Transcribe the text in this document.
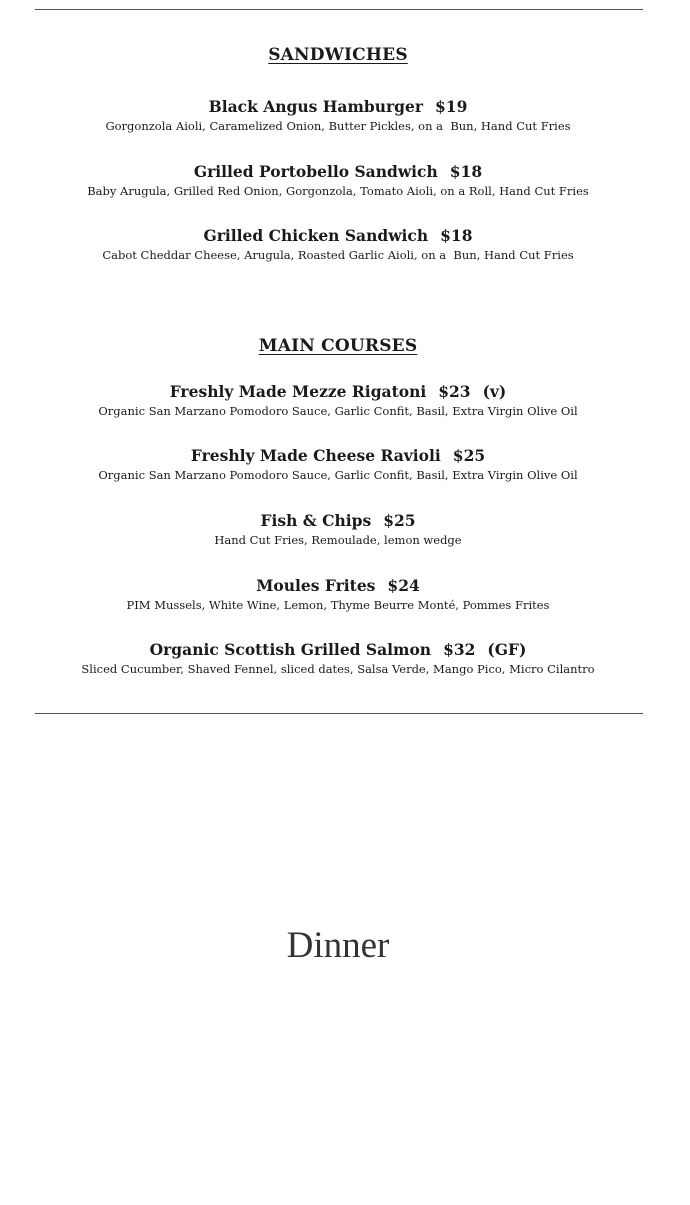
SANDWICHES
Black Angus Hamburger $19
Gorgonzola Aioli, Caramelized Onion, Butter Pickles, on a  Bun, Hand Cut Fries
Grilled Portobello Sandwich $18
Baby Arugula, Grilled Red Onion, Gorgonzola, Tomato Aioli, on a Roll, Hand Cut Fries
Grilled Chicken Sandwich $18
Cabot Cheddar Cheese, Arugula, Roasted Garlic Aioli, on a  Bun, Hand Cut Fries
MAIN COURSES
Freshly Made Mezze Rigatoni $23 (v)
Organic San Marzano Pomodoro Sauce, Garlic Confit, Basil, Extra Virgin Olive Oil
Freshly Made Cheese Ravioli $25
Organic San Marzano Pomodoro Sauce, Garlic Confit, Basil, Extra Virgin Olive Oil
Fish & Chips $25
Hand Cut Fries, Remoulade, lemon wedge
Moules Frites $24
PIM Mussels, White Wine, Lemon, Thyme Beurre Monté, Pommes Frites
Organic Scottish Grilled Salmon $32 (GF)
Sliced Cucumber, Shaved Fennel, sliced dates, Salsa Verde, Mango Pico, Micro Cilantro
Dinner
